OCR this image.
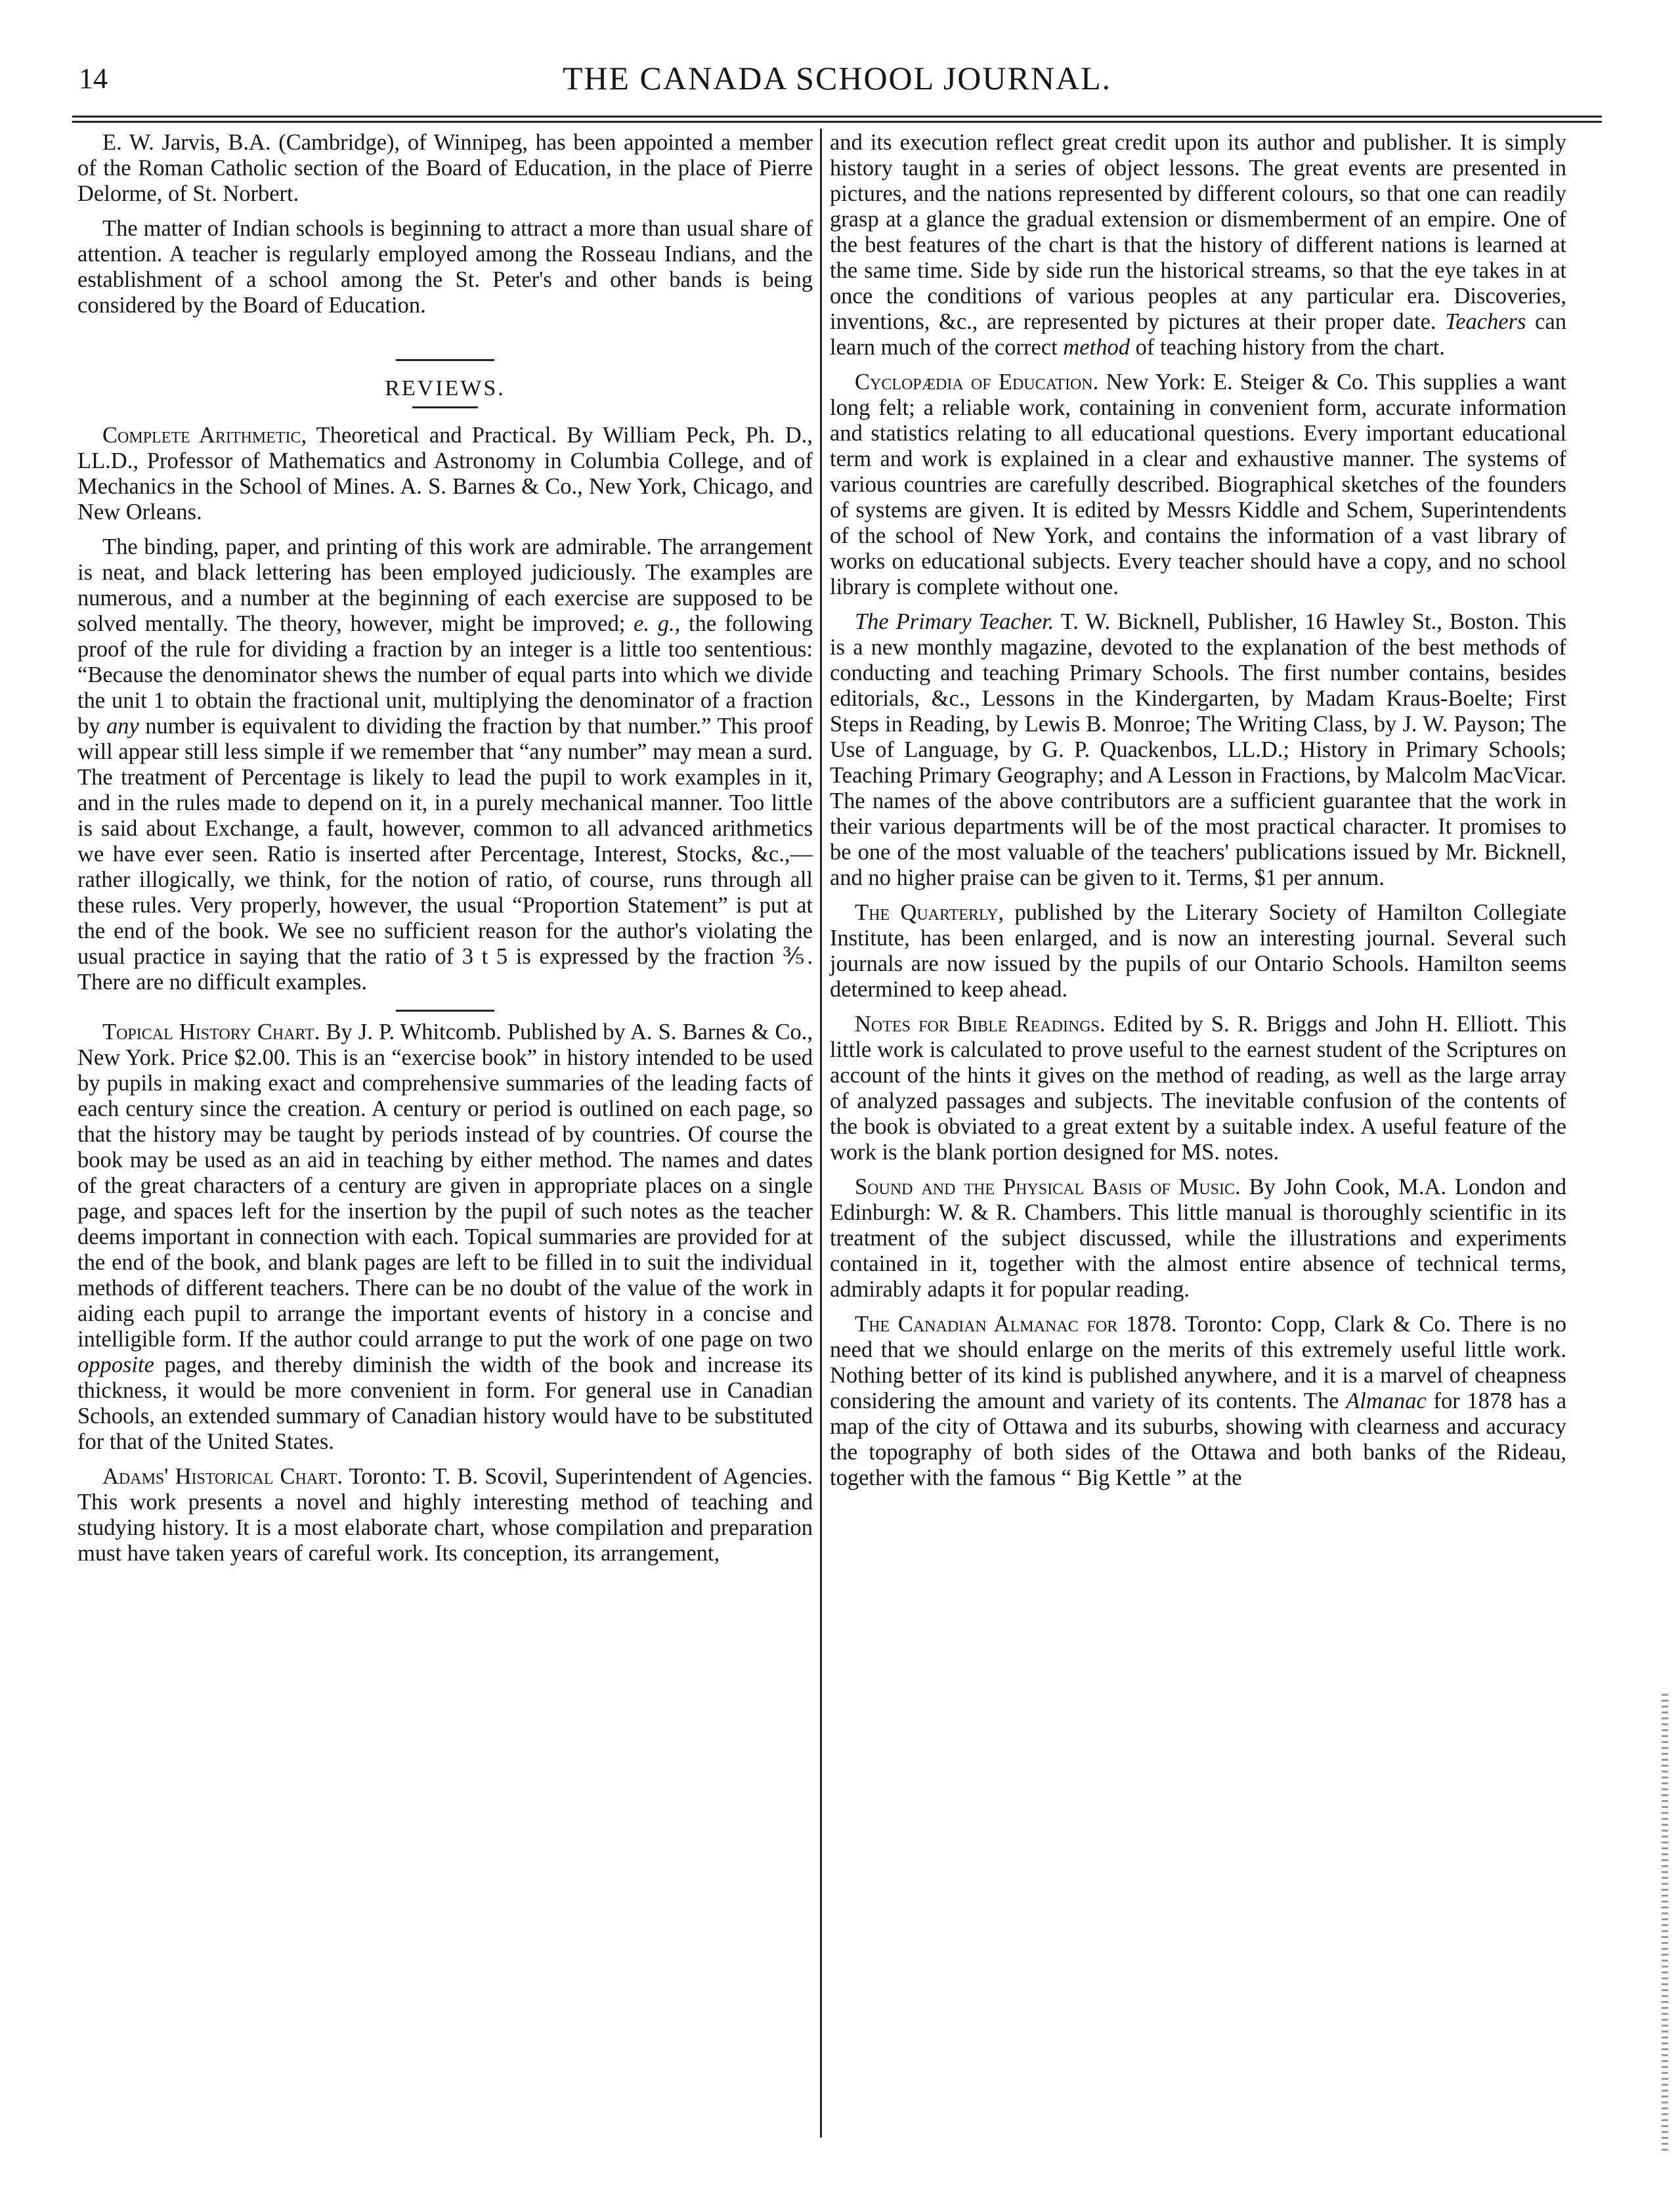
14	THE CANADA SCHOOL JOURNAL.

E. W. Jarvis, B.A. (Cambridge), of Winnipeg, has been appointed a member of the Roman Catholic section of the Board of Education, in the place of Pierre Delorme, of St. Norbert.

The matter of Indian schools is beginning to attract a more than usual share of attention. A teacher is regularly employed among the Rosseau Indians, and the establishment of a school among the St. Peter's and other bands is being considered by the Board of Education.

REVIEWS.

Complete Arithmetic, Theoretical and Practical. By William Peck, Ph. D., LL.D., Professor of Mathematics and Astronomy in Columbia College, and of Mechanics in the School of Mines. A. S. Barnes & Co., New York, Chicago, and New Orleans.

The binding, paper, and printing of this work are admirable. The arrangement is neat, and black lettering has been employed judiciously. The examples are numerous, and a number at the beginning of each exercise are supposed to be solved mentally. The theory, however, might be improved; e. g., the following proof of the rule for dividing a fraction by an integer is a little too sententious: “Because the denominator shews the number of equal parts into which we divide the unit 1 to obtain the fractional unit, multiplying the denominator of a fraction by any number is equivalent to dividing the fraction by that number.” This proof will appear still less simple if we remember that “any number” may mean a surd. The treatment of Percentage is likely to lead the pupil to work examples in it, and in the rules made to depend on it, in a purely mechanical manner. Too little is said about Exchange, a fault, however, common to all advanced arithmetics we have ever seen. Ratio is inserted after Percentage, Interest, Stocks, &c.,—rather illogically, we think, for the notion of ratio, of course, runs through all these rules. Very properly, however, the usual “Proportion Statement” is put at the end of the book. We see no sufficient reason for the author's violating the usual practice in saying that the ratio of 3 t 5 is expressed by the fraction ⅗. There are no difficult examples.

Topical History Chart. By J. P. Whitcomb. Published by A. S. Barnes & Co., New York. Price $2.00. This is an “exercise book” in history intended to be used by pupils in making exact and comprehensive summaries of the leading facts of each century since the creation. A century or period is outlined on each page, so that the history may be taught by periods instead of by countries. Of course the book may be used as an aid in teaching by either method. The names and dates of the great characters of a century are given in appropriate places on a single page, and spaces left for the insertion by the pupil of such notes as the teacher deems important in connection with each. Topical summaries are provided for at the end of the book, and blank pages are left to be filled in to suit the individual methods of different teachers. There can be no doubt of the value of the work in aiding each pupil to arrange the important events of history in a concise and intelligible form. If the author could arrange to put the work of one page on two opposite pages, and thereby diminish the width of the book and increase its thickness, it would be more convenient in form. For general use in Canadian Schools, an extended summary of Canadian history would have to be substituted for that of the United States.

Adams' Historical Chart. Toronto: T. B. Scovil, Superintendent of Agencies. This work presents a novel and highly interesting method of teaching and studying history. It is a most elaborate chart, whose compilation and preparation must have taken years of careful work. Its conception, its arrangement,

and its execution reflect great credit upon its author and publisher. It is simply history taught in a series of object lessons. The great events are presented in pictures, and the nations represented by different colours, so that one can readily grasp at a glance the gradual extension or dismemberment of an empire. One of the best features of the chart is that the history of different nations is learned at the same time. Side by side run the historical streams, so that the eye takes in at once the conditions of various peoples at any particular era. Discoveries, inventions, &c., are represented by pictures at their proper date. Teachers can learn much of the correct method of teaching history from the chart.

Cyclopædia of Education. New York: E. Steiger & Co. This supplies a want long felt; a reliable work, containing in convenient form, accurate information and statistics relating to all educational questions. Every important educational term and work is explained in a clear and exhaustive manner. The systems of various countries are carefully described. Biographical sketches of the founders of systems are given. It is edited by Messrs Kiddle and Schem, Superintendents of the school of New York, and contains the information of a vast library of works on educational subjects. Every teacher should have a copy, and no school library is complete without one.

The Primary Teacher. T. W. Bicknell, Publisher, 16 Hawley St., Boston. This is a new monthly magazine, devoted to the explanation of the best methods of conducting and teaching Primary Schools. The first number contains, besides editorials, &c., Lessons in the Kindergarten, by Madam Kraus-Boelte; First Steps in Reading, by Lewis B. Monroe; The Writing Class, by J. W. Payson; The Use of Language, by G. P. Quackenbos, LL.D.; History in Primary Schools; Teaching Primary Geography; and A Lesson in Fractions, by Malcolm MacVicar. The names of the above contributors are a sufficient guarantee that the work in their various departments will be of the most practical character. It promises to be one of the most valuable of the teachers' publications issued by Mr. Bicknell, and no higher praise can be given to it. Terms, $1 per annum.

The Quarterly, published by the Literary Society of Hamilton Collegiate Institute, has been enlarged, and is now an interesting journal. Several such journals are now issued by the pupils of our Ontario Schools. Hamilton seems determined to keep ahead.

Notes for Bible Readings. Edited by S. R. Briggs and John H. Elliott. This little work is calculated to prove useful to the earnest student of the Scriptures on account of the hints it gives on the method of reading, as well as the large array of analyzed passages and subjects. The inevitable confusion of the contents of the book is obviated to a great extent by a suitable index. A useful feature of the work is the blank portion designed for MS. notes.

Sound and the Physical Basis of Music. By John Cook, M.A. London and Edinburgh: W. & R. Chambers. This little manual is thoroughly scientific in its treatment of the subject discussed, while the illustrations and experiments contained in it, together with the almost entire absence of technical terms, admirably adapts it for popular reading.

The Canadian Almanac for 1878. Toronto: Copp, Clark & Co. There is no need that we should enlarge on the merits of this extremely useful little work. Nothing better of its kind is published anywhere, and it is a marvel of cheapness considering the amount and variety of its contents. The Almanac for 1878 has a map of the city of Ottawa and its suburbs, showing with clearness and accuracy the topography of both sides of the Ottawa and both banks of the Rideau, together with the famous “ Big Kettle ” at the
